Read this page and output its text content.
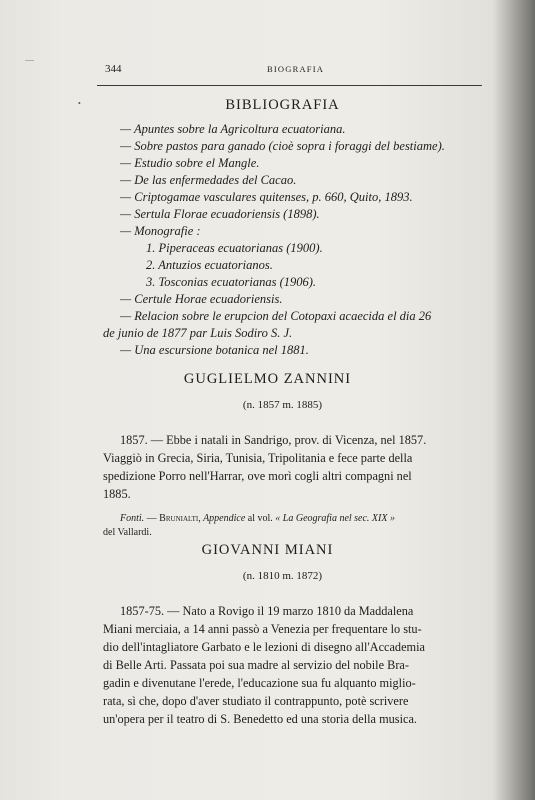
—
•
344	BIOGRAFIA
BIBLIOGRAFIA
— Apuntes sobre la Agricoltura ecuatoriana.
— Sobre pastos para ganado (cioè sopra i foraggi del bestiame).
— Estudio sobre el Mangle.
— De las enfermedades del Cacao.
— Criptogamae vasculares quitenses, p. 660, Quito, 1893.
— Sertula Florae ecuadoriensis (1898).
— Monografie :
1. Piperaceas ecuatorianas (1900).
2. Antuzios ecuatorianos.
3. Tosconias ecuatorianas (1906).
— Certule Horae ecuadoriensis.
— Relacion sobre le erupcion del Cotopaxi acaecida el dia 26
de junio de 1877 par Luis Sodiro S. J.
— Una escursione botanica nel 1881.
GUGLIELMO ZANNINI
(n. 1857 m. 1885)
1857. — Ebbe i natali in Sandrigo, prov. di Vicenza, nel 1857.
Viaggiò in Grecia, Siria, Tunisia, Tripolitania e fece parte della
spedizione Porro nell'Harrar, ove morì cogli altri compagni nel
1885.
Fonti. — Brunialti, Appendice al vol. « La Geografia nel sec. XIX »
del Vallardi.
GIOVANNI MIANI
(n. 1810 m. 1872)
1857-75. — Nato a Rovigo il 19 marzo 1810 da Maddalena
Miani merciaia, a 14 anni passò a Venezia per frequentare lo stu-
dio dell'intagliatore Garbato e le lezioni di disegno all'Accademia
di Belle Arti. Passata poi sua madre al servizio del nobile Bra-
gadin e divenutane l'erede, l'educazione sua fu alquanto miglio-
rata, sì che, dopo d'aver studiato il contrappunto, potè scrivere
un'opera per il teatro di S. Benedetto ed una storia della musica.
